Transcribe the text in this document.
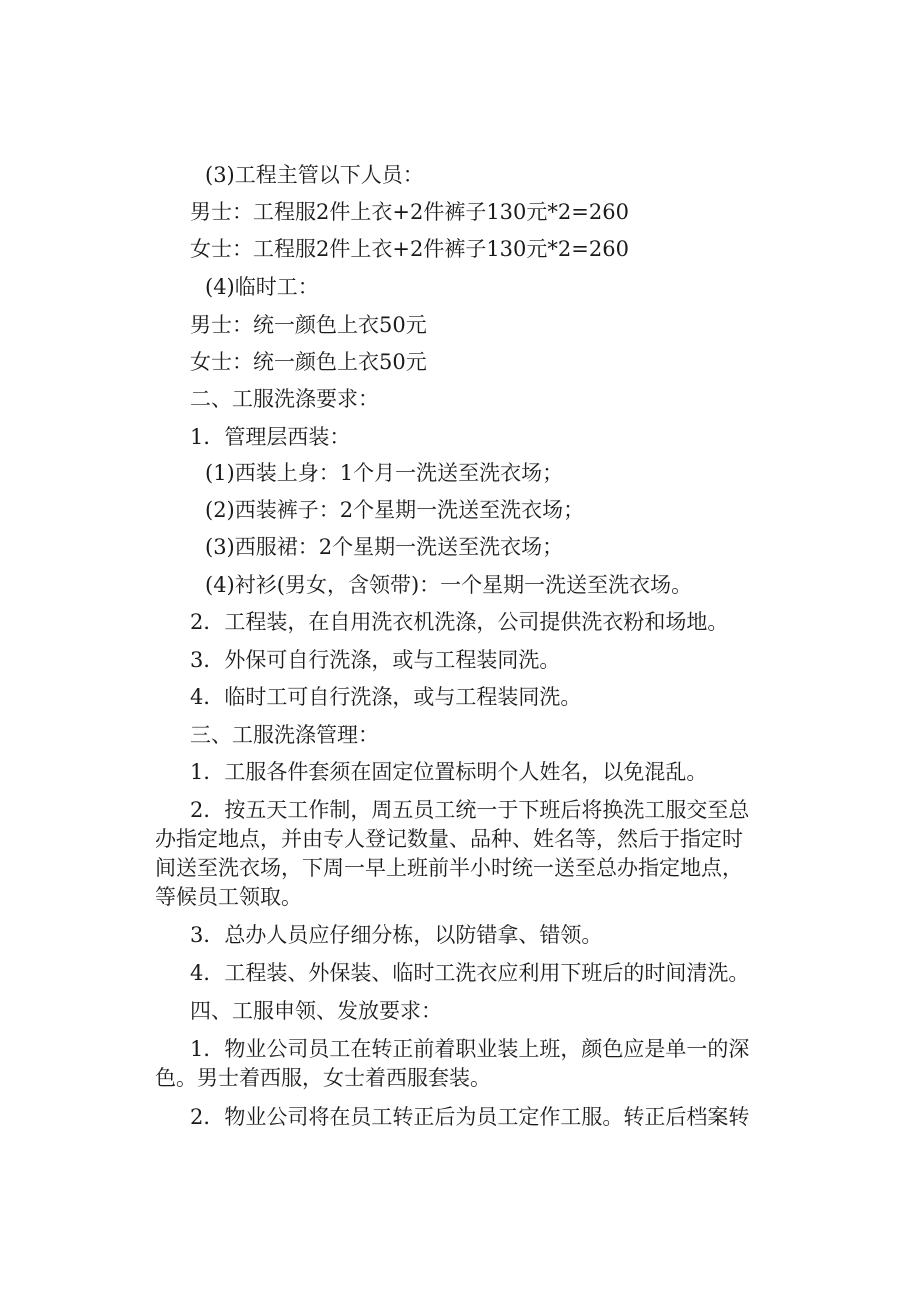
(3)工程主管以下人员：
男士：工程服2件上衣+2件裤子130元*2=260
女士：工程服2件上衣+2件裤子130元*2=260
(4)临时工：
男士：统一颜色上衣50元
女士：统一颜色上衣50元
二、工服洗涤要求：
1．管理层西装：
(1)西装上身：1个月一洗送至洗衣场；
(2)西装裤子：2个星期一洗送至洗衣场；
(3)西服裙：2个星期一洗送至洗衣场；
(4)衬衫(男女，含领带)：一个星期一洗送至洗衣场。
2．工程装，在自用洗衣机洗涤，公司提供洗衣粉和场地。
3．外保可自行洗涤，或与工程装同洗。
4．临时工可自行洗涤，或与工程装同洗。
三、工服洗涤管理：
1．工服各件套须在固定位置标明个人姓名，以免混乱。
2．按五天工作制，周五员工统一于下班后将换洗工服交至总
办指定地点，并由专人登记数量、品种、姓名等，然后于指定时
间送至洗衣场，下周一早上班前半小时统一送至总办指定地点，
等候员工领取。
3．总办人员应仔细分栋，以防错拿、错领。
4．工程装、外保装、临时工洗衣应利用下班后的时间清洗。
四、工服申领、发放要求：
1．物业公司员工在转正前着职业装上班，颜色应是单一的深
色。男士着西服，女士着西服套装。
2．物业公司将在员工转正后为员工定作工服。转正后档案转
